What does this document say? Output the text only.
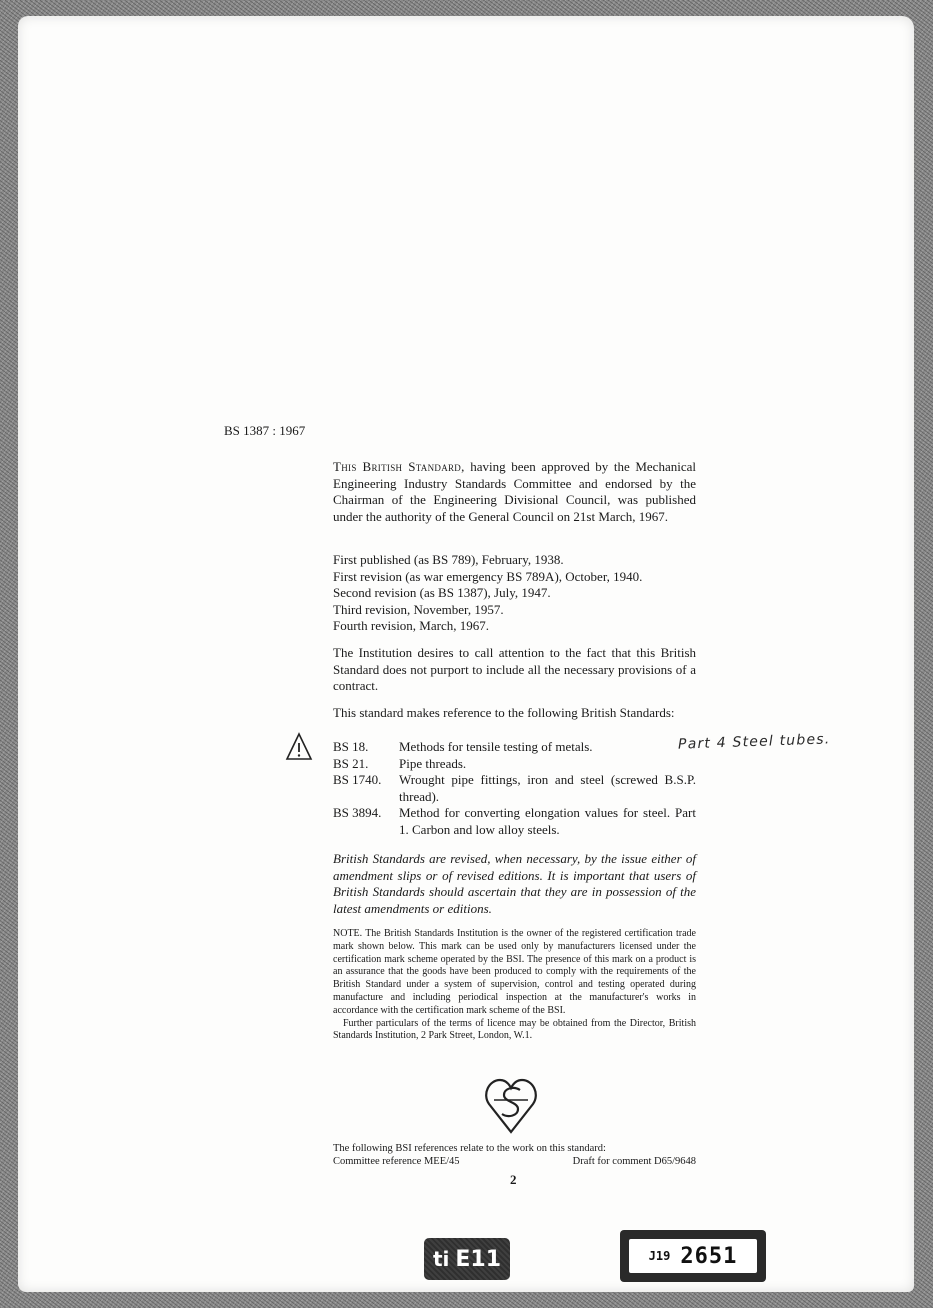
BS 1387 : 1967
This British Standard, having been approved by the Mechanical Engineering Industry Standards Committee and endorsed by the Chairman of the Engineering Divisional Council, was published under the authority of the General Council on 21st March, 1967.
First published (as BS 789), February, 1938.
First revision (as war emergency BS 789A), October, 1940.
Second revision (as BS 1387), July, 1947.
Third revision, November, 1957.
Fourth revision, March, 1967.
The Institution desires to call attention to the fact that this British Standard does not purport to include all the necessary provisions of a contract.
This standard makes reference to the following British Standards:
BS 18.	Methods for tensile testing of metals.
BS 21.	Pipe threads.
BS 1740.	Wrought pipe fittings, iron and steel (screwed B.S.P. thread).
BS 3894.	Method for converting elongation values for steel. Part 1. Carbon and low alloy steels.
Part 4 Steel tubes.
British Standards are revised, when necessary, by the issue either of amendment slips or of revised editions. It is important that users of British Standards should ascertain that they are in possession of the latest amendments or editions.

NOTE. The British Standards Institution is the owner of the registered certification trade mark shown below. This mark can be used only by manufacturers licensed under the certification mark scheme operated by the BSI. The presence of this mark on a product is an assurance that the goods have been produced to comply with the requirements of the British Standard under a system of supervision, control and testing operated during manufacture and including periodical inspection at the manufacturer's works in accordance with the certification mark scheme of the BSI.

Further particulars of the terms of licence may be obtained from the Director, British Standards Institution, 2 Park Street, London, W.1.

The following BSI references relate to the work on this standard:
Committee reference MEE/45	Draft for comment D65/9648
2
ti E11	J19 2651
